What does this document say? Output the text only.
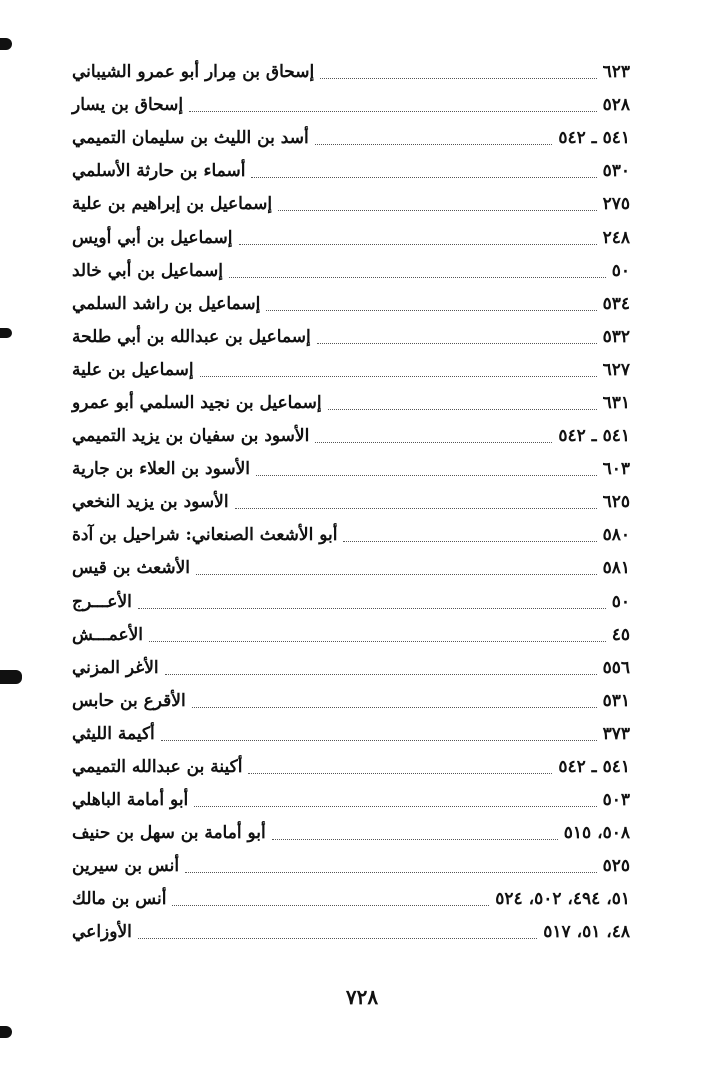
إسحاق بن مِرار أبو عمرو الشيباني	٦٢٣
إسحاق بن يسار	٥٢٨
أسد بن الليث بن سليمان التميمي	٥٤١ ـ ٥٤٢
أسماء بن حارثة الأسلمي	٥٣٠
إسماعيل بن إبراهيم بن علية	٢٧٥
إسماعيل بن أبي أويس	٢٤٨
إسماعيل بن أبي خالد	٥٠
إسماعيل بن راشد السلمي	٥٣٤
إسماعيل بن عبدالله بن أبي طلحة	٥٣٢
إسماعيل بن علية	٦٢٧
إسماعيل بن نجيد السلمي أبو عمرو	٦٣١
الأسود بن سفيان بن يزيد التميمي	٥٤١ ـ ٥٤٢
الأسود بن العلاء بن جارية	٦٠٣
الأسود بن يزيد النخعي	٦٢٥
أبو الأشعث الصنعاني: شراحيل بن آدة	٥٨٠
الأشعث بن قيس	٥٨١
الأعـــرج	٥٠
الأعمـــش	٤٥
الأغر المزني	٥٥٦
الأقرع بن حابس	٥٣١
أكيمة الليثي	٣٧٣
أكينة بن عبدالله التميمي	٥٤١ ـ ٥٤٢
أبو أمامة الباهلي	٥٠٣
أبو أمامة بن سهل بن حنيف	٥٠٨، ٥١٥
أنس بن سيرين	٥٢٥
أنس بن مالك	٥١، ٤٩٤، ٥٠٢، ٥٢٤
الأوزاعي	٤٨، ٥١، ٥١٧
٧٢٨
